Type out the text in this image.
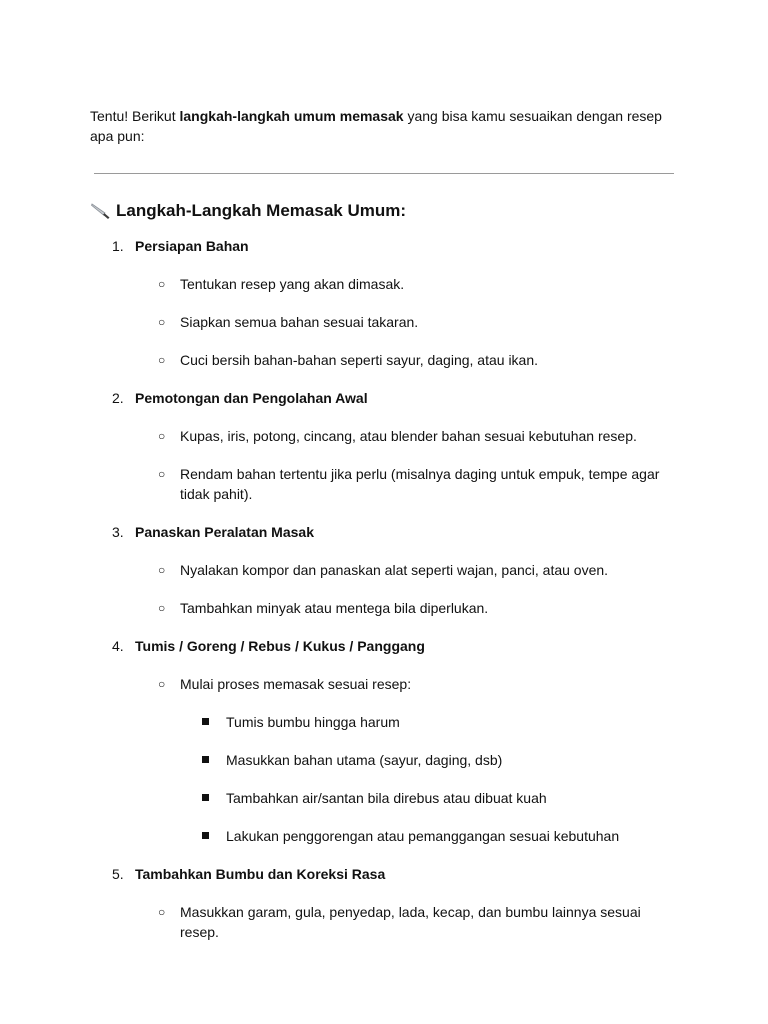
Tentu! Berikut langkah-langkah umum memasak yang bisa kamu sesuaikan dengan resep apa pun:

Langkah-Langkah Memasak Umum:
1. Persiapan Bahan
○ Tentukan resep yang akan dimasak.
○ Siapkan semua bahan sesuai takaran.
○ Cuci bersih bahan-bahan seperti sayur, daging, atau ikan.
2. Pemotongan dan Pengolahan Awal
○ Kupas, iris, potong, cincang, atau blender bahan sesuai kebutuhan resep.
○ Rendam bahan tertentu jika perlu (misalnya daging untuk empuk, tempe agar tidak pahit).
3. Panaskan Peralatan Masak
○ Nyalakan kompor dan panaskan alat seperti wajan, panci, atau oven.
○ Tambahkan minyak atau mentega bila diperlukan.
4. Tumis / Goreng / Rebus / Kukus / Panggang
○ Mulai proses memasak sesuai resep:
Tumis bumbu hingga harum
Masukkan bahan utama (sayur, daging, dsb)
Tambahkan air/santan bila direbus atau dibuat kuah
Lakukan penggorengan atau pemanggangan sesuai kebutuhan
5. Tambahkan Bumbu dan Koreksi Rasa
○ Masukkan garam, gula, penyedap, lada, kecap, dan bumbu lainnya sesuai resep.
